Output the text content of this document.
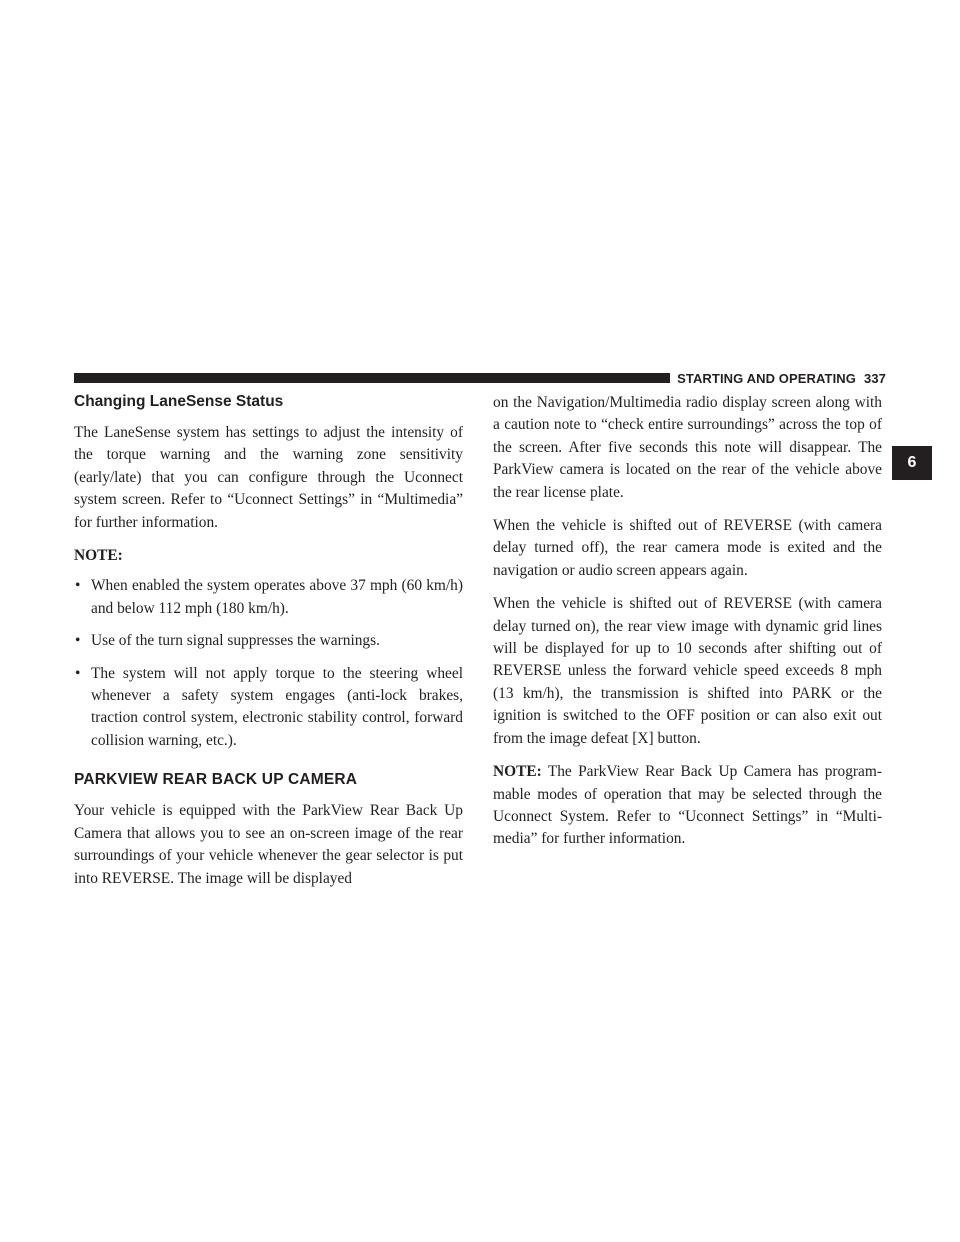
STARTING AND OPERATING 337
Changing LaneSense Status

The LaneSense system has settings to adjust the intensity of the torque warning and the warning zone sensitivity (early/late) that you can configure through the Uconnect system screen. Refer to “Uconnect Settings” in “Multimedia” for further information.

NOTE:
• When enabled the system operates above 37 mph (60 km/h) and below 112 mph (180 km/h).
• Use of the turn signal suppresses the warnings.
• The system will not apply torque to the steering wheel whenever a safety system engages (anti-lock brakes, traction control system, electronic stability control, forward collision warning, etc.).
PARKVIEW REAR BACK UP CAMERA

Your vehicle is equipped with the ParkView Rear Back Up Camera that allows you to see an on-screen image of the rear surroundings of your vehicle whenever the gear selector is put into REVERSE. The image will be displayed

on the Navigation/Multimedia radio display screen along with a caution note to “check entire surroundings” across the top of the screen. After five seconds this note will disappear. The ParkView camera is located on the rear of the vehicle above the rear license plate.

When the vehicle is shifted out of REVERSE (with camera delay turned off), the rear camera mode is exited and the navigation or audio screen appears again.

When the vehicle is shifted out of REVERSE (with camera delay turned on), the rear view image with dynamic grid lines will be displayed for up to 10 seconds after shifting out of REVERSE unless the forward vehicle speed exceeds 8 mph (13 km/h), the transmission is shifted into PARK or the ignition is switched to the OFF position or can also exit out from the image defeat [X] button.

NOTE: The ParkView Rear Back Up Camera has programmable modes of operation that may be selected through the Uconnect System. Refer to “Uconnect Settings” in “Multimedia” for further information.

6
